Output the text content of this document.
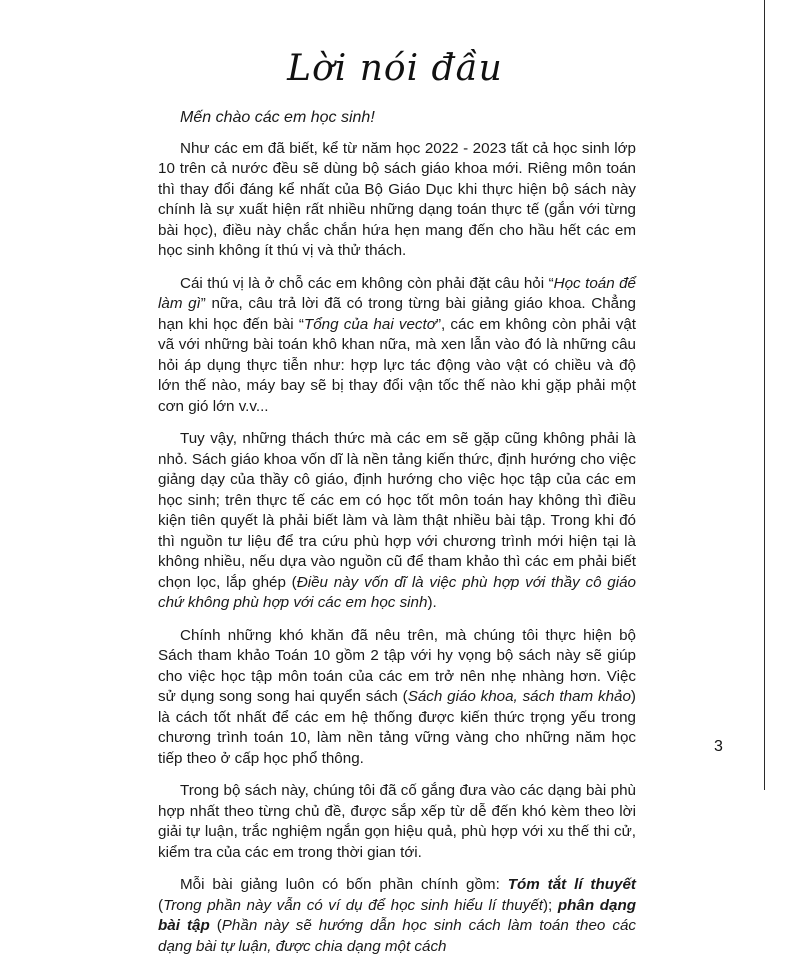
Lời nói đầu

Mến chào các em học sinh!

Như các em đã biết, kể từ năm học 2022 - 2023 tất cả học sinh lớp 10 trên cả nước đều sẽ dùng bộ sách giáo khoa mới. Riêng môn toán thì thay đổi đáng kể nhất của Bộ Giáo Dục khi thực hiện bộ sách này chính là sự xuất hiện rất nhiều những dạng toán thực tế (gắn với từng bài học), điều này chắc chắn hứa hẹn mang đến cho hầu hết các em học sinh không ít thú vị và thử thách.

Cái thú vị là ở chỗ các em không còn phải đặt câu hỏi “Học toán để làm gì” nữa, câu trả lời đã có trong từng bài giảng giáo khoa. Chẳng hạn khi học đến bài “Tổng của hai vectơ”, các em không còn phải vật vã với những bài toán khô khan nữa, mà xen lẫn vào đó là những câu hỏi áp dụng thực tiễn như: hợp lực tác động vào vật có chiều và độ lớn thế nào, máy bay sẽ bị thay đổi vận tốc thế nào khi gặp phải một cơn gió lớn v.v...

Tuy vậy, những thách thức mà các em sẽ gặp cũng không phải là nhỏ. Sách giáo khoa vốn dĩ là nền tảng kiến thức, định hướng cho việc giảng dạy của thầy cô giáo, định hướng cho việc học tập của các em học sinh; trên thực tế các em có học tốt môn toán hay không thì điều kiện tiên quyết là phải biết làm và làm thật nhiều bài tập. Trong khi đó thì nguồn tư liệu để tra cứu phù hợp với chương trình mới hiện tại là không nhiều, nếu dựa vào nguồn cũ để tham khảo thì các em phải biết chọn lọc, lắp ghép (Điều này vốn dĩ là việc phù hợp với thầy cô giáo chứ không phù hợp với các em học sinh).

Chính những khó khăn đã nêu trên, mà chúng tôi thực hiện bộ Sách tham khảo Toán 10 gồm 2 tập với hy vọng bộ sách này sẽ giúp cho việc học tập môn toán của các em trở nên nhẹ nhàng hơn. Việc sử dụng song song hai quyển sách (Sách giáo khoa, sách tham khảo) là cách tốt nhất để các em hệ thống được kiến thức trọng yếu trong chương trình toán 10, làm nền tảng vững vàng cho những năm học tiếp theo ở cấp học phổ thông.

Trong bộ sách này, chúng tôi đã cố gắng đưa vào các dạng bài phù hợp nhất theo từng chủ đề, được sắp xếp từ dễ đến khó kèm theo lời giải tự luận, trắc nghiệm ngắn gọn hiệu quả, phù hợp với xu thế thi cử, kiểm tra của các em trong thời gian tới.

Mỗi bài giảng luôn có bốn phần chính gồm: Tóm tắt lí thuyết (Trong phần này vẫn có ví dụ để học sinh hiểu lí thuyết); phân dạng bài tập (Phần này sẽ hướng dẫn học sinh cách làm toán theo các dạng bài tự luận, được chia dạng một cách

3
